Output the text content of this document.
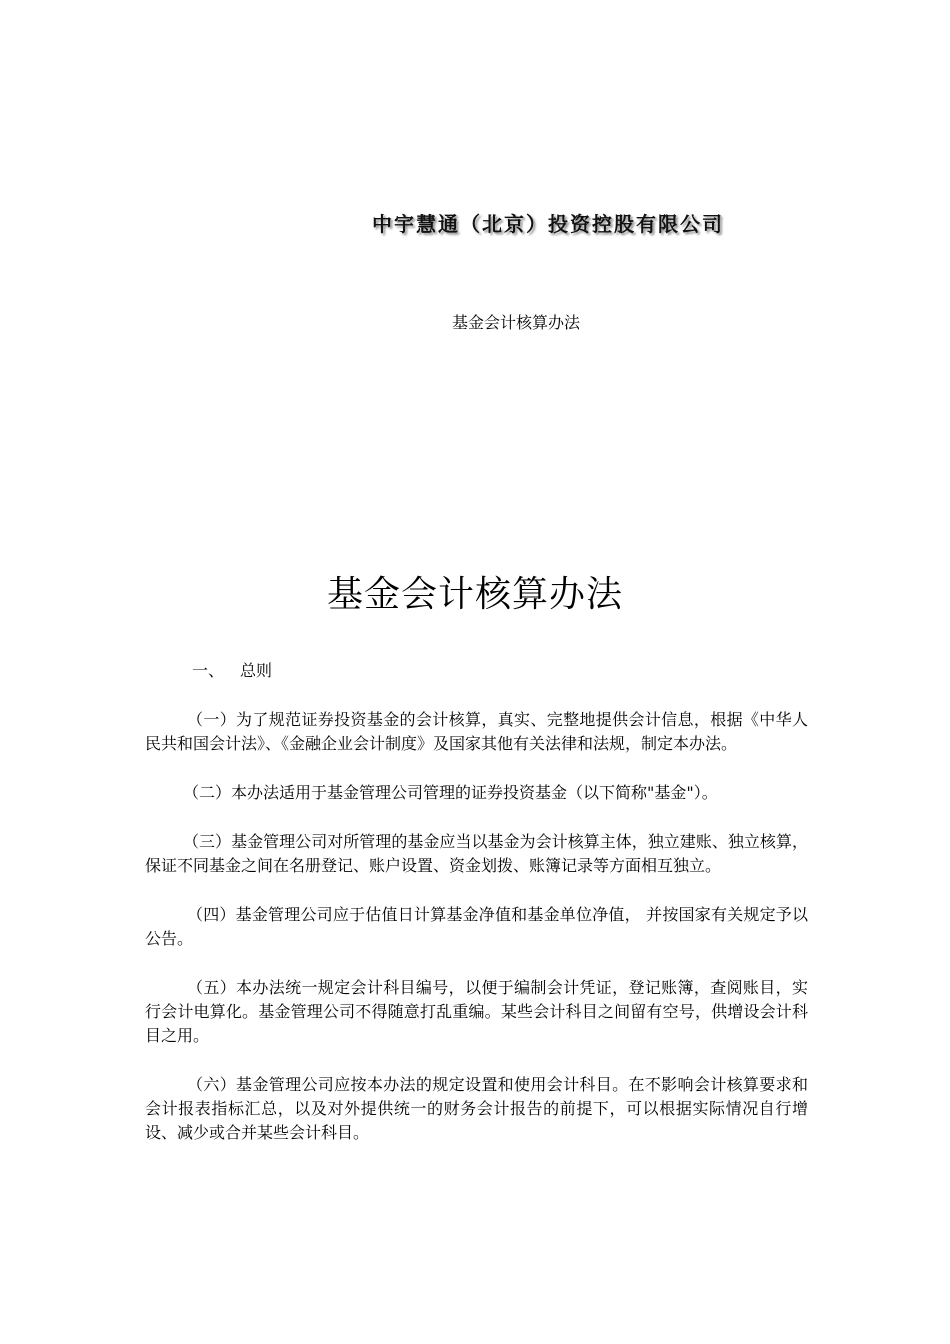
中宇慧通（北京）投资控股有限公司
基金会计核算办法
基金会计核算办法
一、 总则

（一）为了规范证券投资基金的会计核算，真实、完整地提供会计信息，根据《中华人民共和国会计法》、《金融企业会计制度》及国家其他有关法律和法规，制定本办法。

（二）本办法适用于基金管理公司管理的证券投资基金（以下简称"基金"）。

（三）基金管理公司对所管理的基金应当以基金为会计核算主体，独立建账、独立核算，保证不同基金之间在名册登记、账户设置、资金划拨、账簿记录等方面相互独立。

（四）基金管理公司应于估值日计算基金净值和基金单位净值， 并按国家有关规定予以公告。

（五）本办法统一规定会计科目编号，以便于编制会计凭证，登记账簿，查阅账目，实行会计电算化。基金管理公司不得随意打乱重编。某些会计科目之间留有空号，供增设会计科目之用。

（六）基金管理公司应按本办法的规定设置和使用会计科目。在不影响会计核算要求和会计报表指标汇总，以及对外提供统一的财务会计报告的前提下，可以根据实际情况自行增设、减少或合并某些会计科目。
